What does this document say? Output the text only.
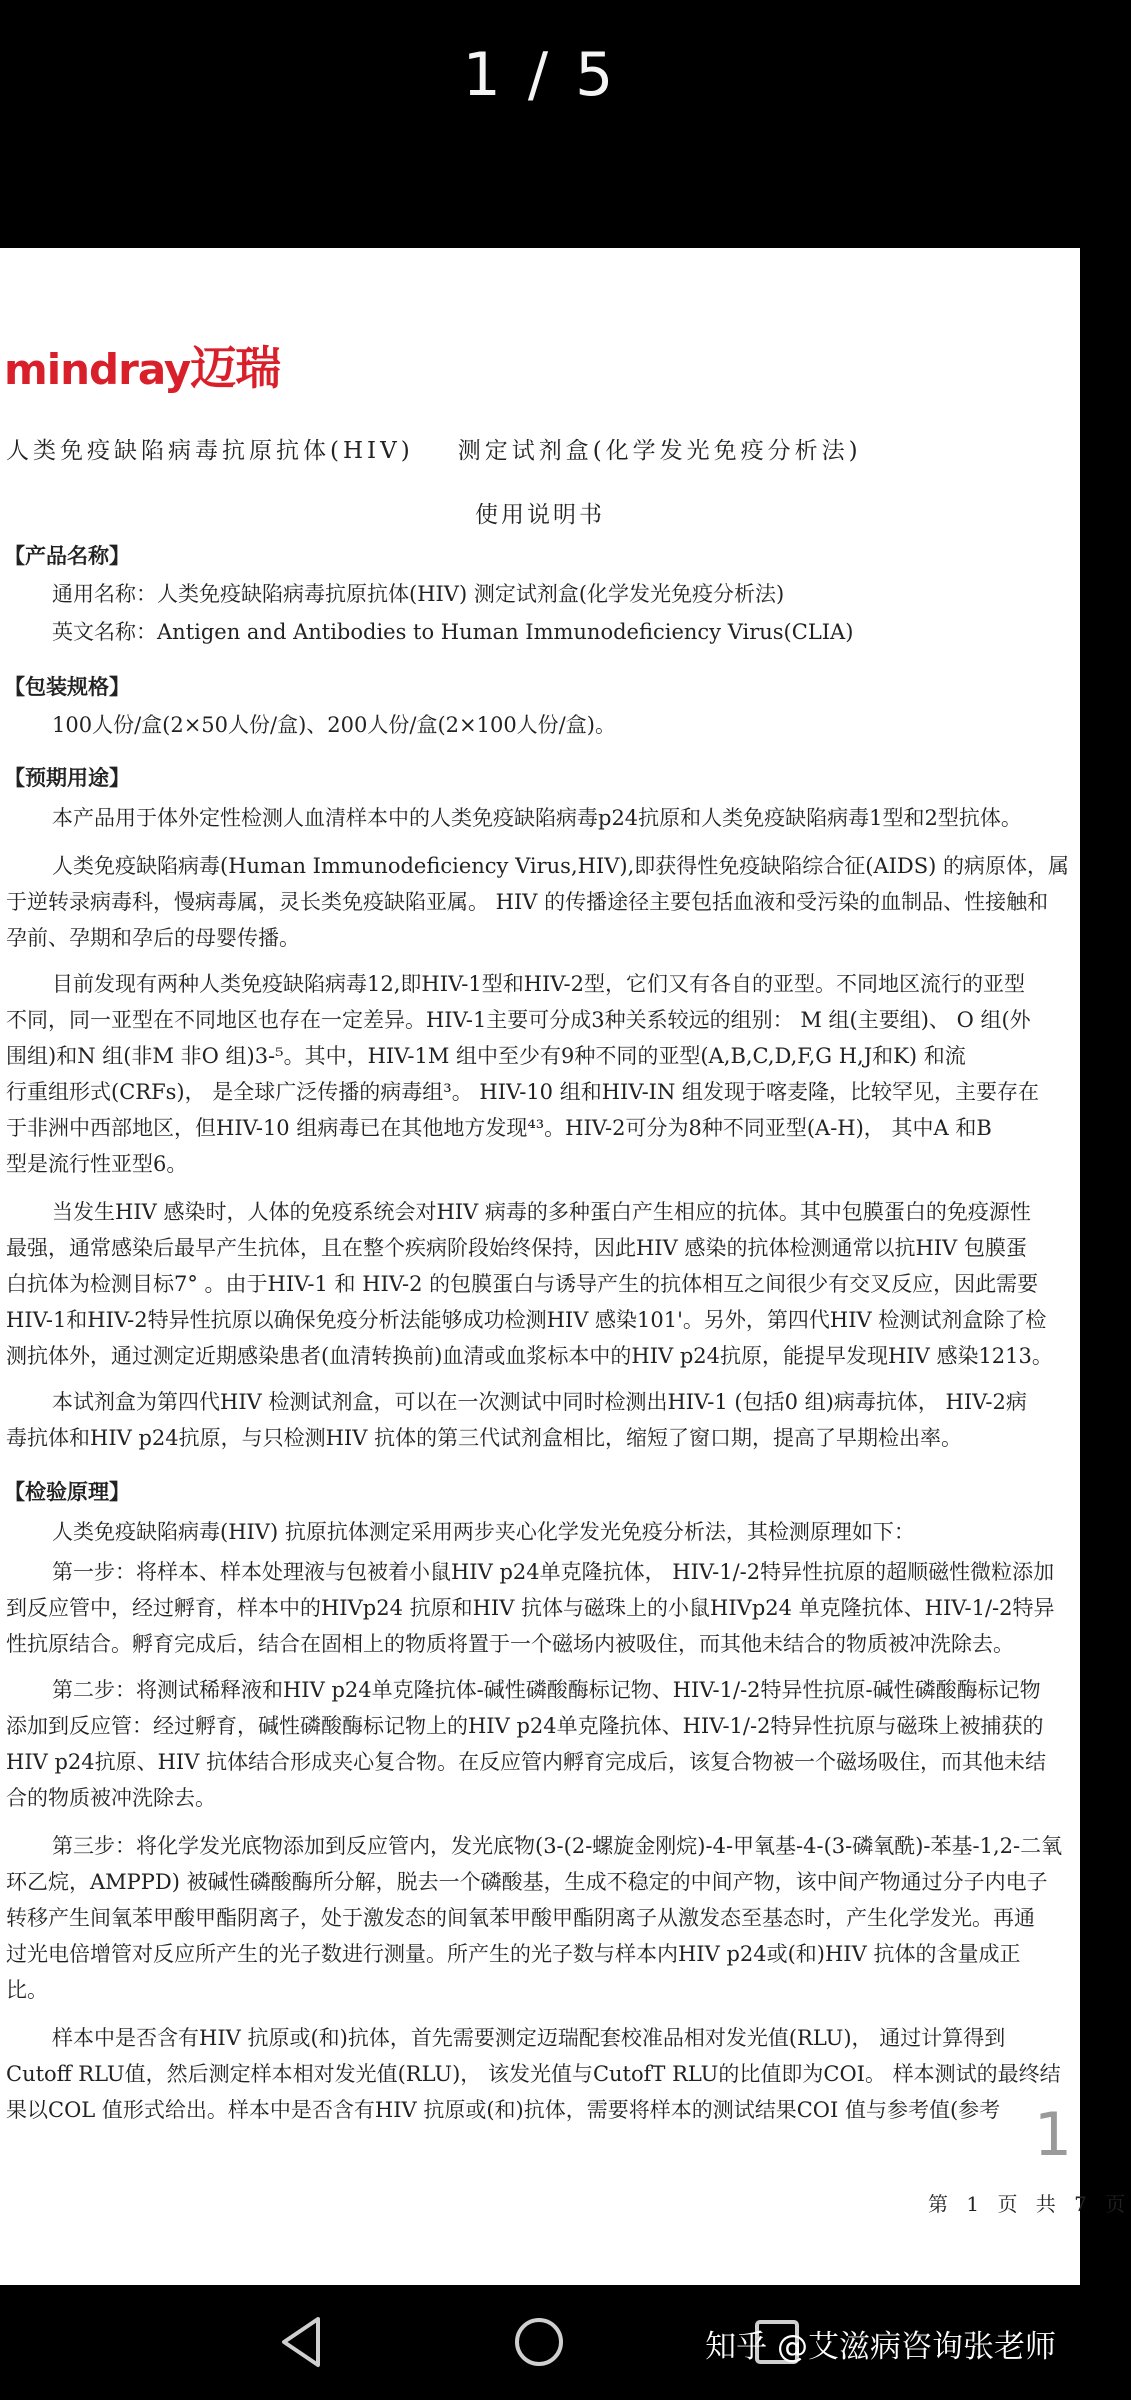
1 / 5
mindray迈瑞
人类免疫缺陷病毒抗原抗体(HIV) 测定试剂盒(化学发光免疫分析法)
使用说明书
【产品名称】
通用名称：人类免疫缺陷病毒抗原抗体(HIV) 测定试剂盒(化学发光免疫分析法)
英文名称：Antigen and Antibodies to Human Immunodeficiency Virus(CLIA)
【包装规格】
100人份/盒(2×50人份/盒)、200人份/盒(2×100人份/盒)。
【预期用途】
本产品用于体外定性检测人血清样本中的人类免疫缺陷病毒p24抗原和人类免疫缺陷病毒1型和2型抗体。
人类免疫缺陷病毒(Human Immunodeficiency Virus,HIV),即获得性免疫缺陷综合征(AIDS) 的病原体，属
于逆转录病毒科，慢病毒属，灵长类免疫缺陷亚属。 HIV 的传播途径主要包括血液和受污染的血制品、性接触和
孕前、孕期和孕后的母婴传播。
目前发现有两种人类免疫缺陷病毒12,即HIV-1型和HIV-2型，它们又有各自的亚型。不同地区流行的亚型
不同，同一亚型在不同地区也存在一定差异。HIV-1主要可分成3种关系较远的组别： M 组(主要组)、 O 组(外
围组)和N 组(非M 非O 组)3-⁵。其中，HIV-1M 组中至少有9种不同的亚型(A,B,C,D,F,G H,J和K) 和流
行重组形式(CRFs)， 是全球广泛传播的病毒组³。 HIV-10 组和HIV-IN 组发现于喀麦隆，比较罕见，主要存在
于非洲中西部地区，但HIV-10 组病毒已在其他地方发现⁴³。HIV-2可分为8种不同亚型(A-H)， 其中A 和B
型是流行性亚型6。
当发生HIV 感染时，人体的免疫系统会对HIV 病毒的多种蛋白产生相应的抗体。其中包膜蛋白的免疫源性
最强，通常感染后最早产生抗体，且在整个疾病阶段始终保持，因此HIV 感染的抗体检测通常以抗HIV 包膜蛋
白抗体为检测目标7° 。由于HIV-1 和 HIV-2 的包膜蛋白与诱导产生的抗体相互之间很少有交叉反应，因此需要
HIV-1和HIV-2特异性抗原以确保免疫分析法能够成功检测HIV 感染101'。另外，第四代HIV 检测试剂盒除了检
测抗体外，通过测定近期感染患者(血清转换前)血清或血浆标本中的HIV p24抗原，能提早发现HIV 感染1213。
本试剂盒为第四代HIV 检测试剂盒，可以在一次测试中同时检测出HIV-1 (包括0 组)病毒抗体， HIV-2病
毒抗体和HIV p24抗原，与只检测HIV 抗体的第三代试剂盒相比，缩短了窗口期，提高了早期检出率。
【检验原理】
人类免疫缺陷病毒(HIV) 抗原抗体测定采用两步夹心化学发光免疫分析法，其检测原理如下：
第一步：将样本、样本处理液与包被着小鼠HIV p24单克隆抗体， HIV-1/-2特异性抗原的超顺磁性微粒添加
到反应管中，经过孵育，样本中的HIVp24 抗原和HIV 抗体与磁珠上的小鼠HIVp24 单克隆抗体、HIV-1/-2特异
性抗原结合。孵育完成后，结合在固相上的物质将置于一个磁场内被吸住，而其他未结合的物质被冲洗除去。
第二步：将测试稀释液和HIV p24单克隆抗体-碱性磷酸酶标记物、HIV-1/-2特异性抗原-碱性磷酸酶标记物
添加到反应管：经过孵育，碱性磷酸酶标记物上的HIV p24单克隆抗体、HIV-1/-2特异性抗原与磁珠上被捕获的
HIV p24抗原、HIV 抗体结合形成夹心复合物。在反应管内孵育完成后，该复合物被一个磁场吸住，而其他未结
合的物质被冲洗除去。
第三步：将化学发光底物添加到反应管内，发光底物(3-(2-螺旋金刚烷)-4-甲氧基-4-(3-磷氧酰)-苯基-1,2-二氧
环乙烷，AMPPD) 被碱性磷酸酶所分解，脱去一个磷酸基，生成不稳定的中间产物，该中间产物通过分子内电子
转移产生间氧苯甲酸甲酯阴离子，处于激发态的间氧苯甲酸甲酯阴离子从激发态至基态时，产生化学发光。再通
过光电倍增管对反应所产生的光子数进行测量。所产生的光子数与样本内HIV p24或(和)HIV 抗体的含量成正
比。
样本中是否含有HIV 抗原或(和)抗体，首先需要测定迈瑞配套校准品相对发光值(RLU)， 通过计算得到
Cutoff RLU值，然后测定样本相对发光值(RLU)， 该发光值与CutofT RLU的比值即为COI。 样本测试的最终结
果以COL 值形式给出。样本中是否含有HIV 抗原或(和)抗体，需要将样本的测试结果COI 值与参考值(参考
第 1 页 共 7 页
1
知乎 @艾滋病咨询张老师
